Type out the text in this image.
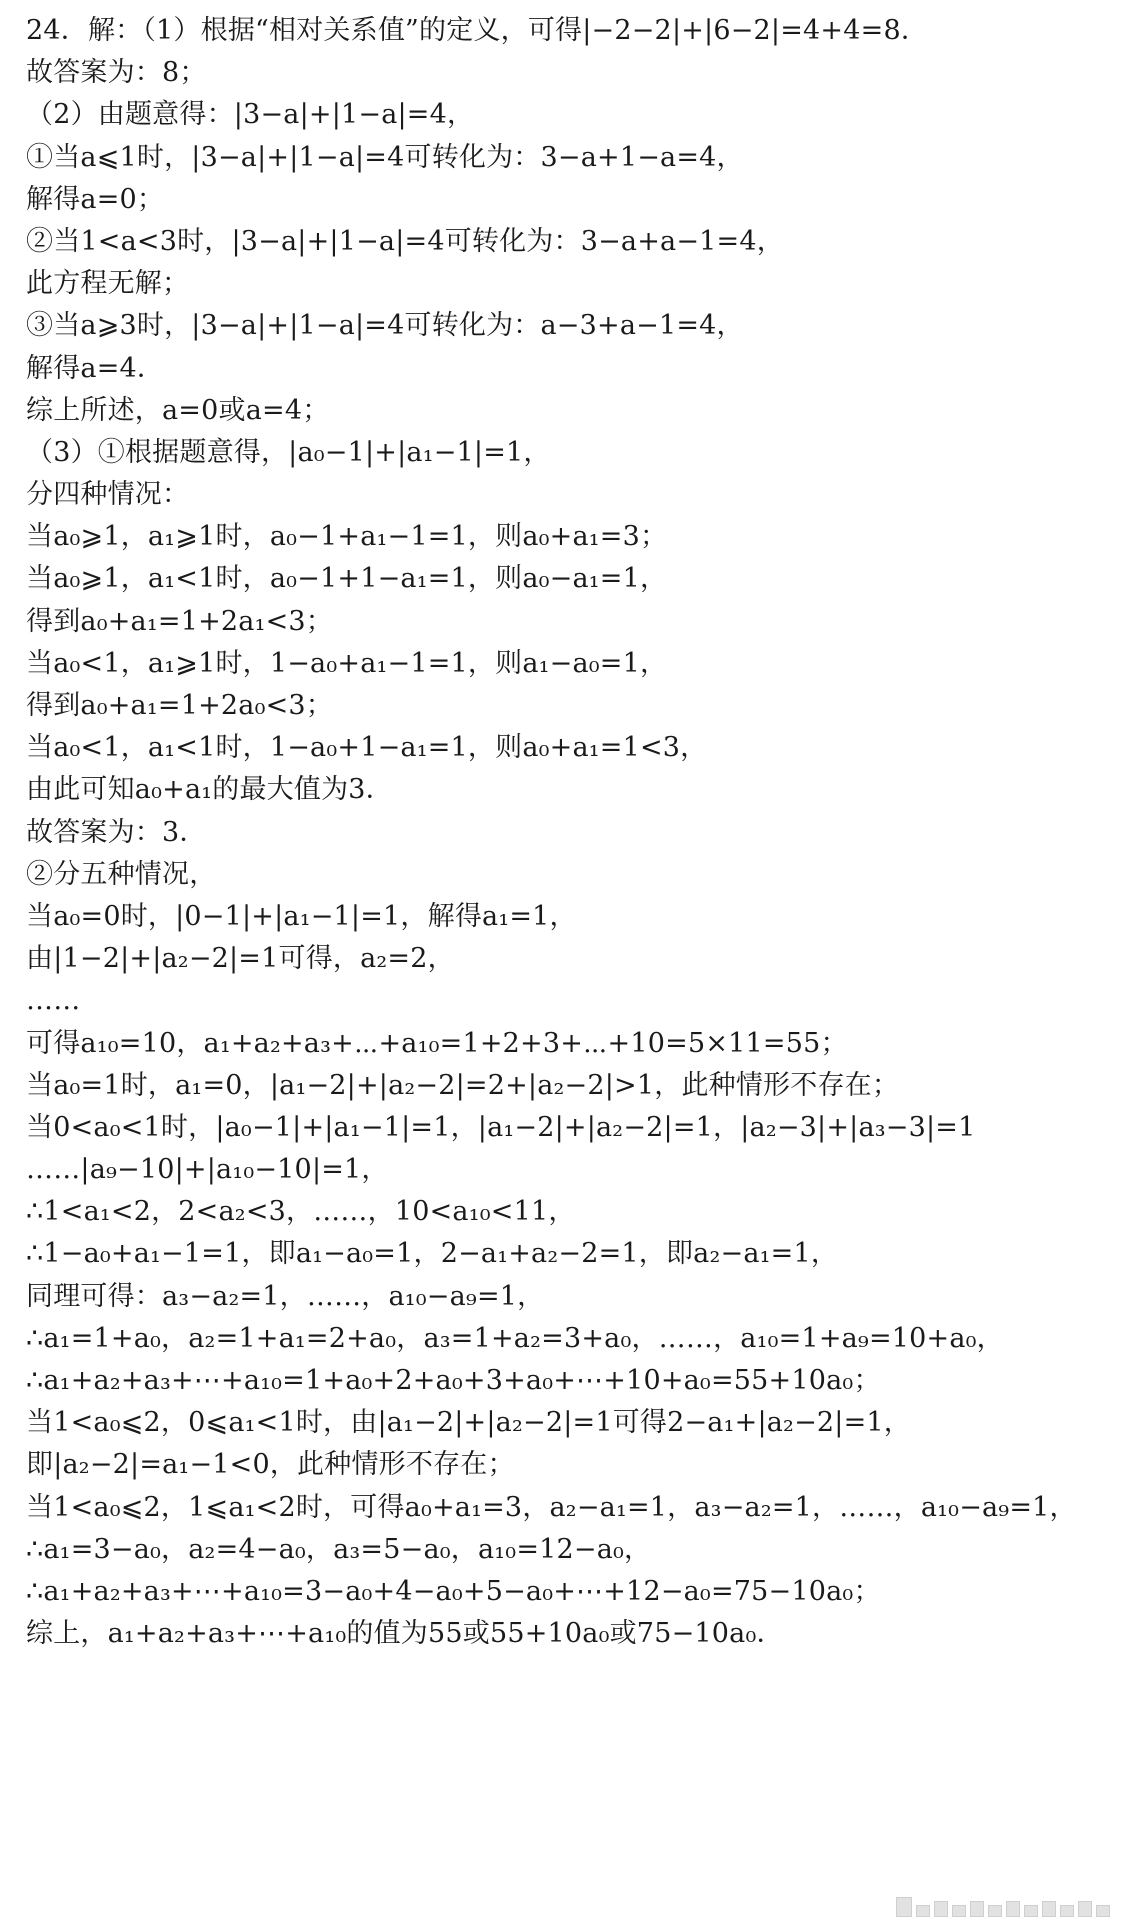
24．解：（1）根据“相对关系值”的定义，可得|−2−2|+|6−2|=4+4=8．
故答案为：8；
（2）由题意得：|3−a|+|1−a|=4，
①当a⩽1时，|3−a|+|1−a|=4可转化为：3−a+1−a=4，
解得a=0；
②当1<a<3时，|3−a|+|1−a|=4可转化为：3−a+a−1=4，
此方程无解；
③当a⩾3时，|3−a|+|1−a|=4可转化为：a−3+a−1=4，
解得a=4．
综上所述，a=0或a=4；
（3）①根据题意得，|a₀−1|+|a₁−1|=1，
分四种情况：
当a₀⩾1，a₁⩾1时，a₀−1+a₁−1=1，则a₀+a₁=3；
当a₀⩾1，a₁<1时，a₀−1+1−a₁=1，则a₀−a₁=1，
得到a₀+a₁=1+2a₁<3；
当a₀<1，a₁⩾1时，1−a₀+a₁−1=1，则a₁−a₀=1，
得到a₀+a₁=1+2a₀<3；
当a₀<1，a₁<1时，1−a₀+1−a₁=1，则a₀+a₁=1<3，
由此可知a₀+a₁的最大值为3．
故答案为：3．
②分五种情况，
当a₀=0时，|0−1|+|a₁−1|=1，解得a₁=1，
由|1−2|+|a₂−2|=1可得，a₂=2，
……
可得a₁₀=10，a₁+a₂+a₃+⋯+a₁₀=1+2+3+⋯+10=5×11=55；
当a₀=1时，a₁=0，|a₁−2|+|a₂−2|=2+|a₂−2|>1，此种情形不存在；
当0<a₀<1时，|a₀−1|+|a₁−1|=1，|a₁−2|+|a₂−2|=1，|a₂−3|+|a₃−3|=1
……|a₉−10|+|a₁₀−10|=1，
∴1<a₁<2，2<a₂<3，……，10<a₁₀<11，
∴1−a₀+a₁−1=1，即a₁−a₀=1，2−a₁+a₂−2=1，即a₂−a₁=1，
同理可得：a₃−a₂=1，……，a₁₀−a₉=1，
∴a₁=1+a₀，a₂=1+a₁=2+a₀，a₃=1+a₂=3+a₀，……，a₁₀=1+a₉=10+a₀，
∴a₁+a₂+a₃+⋯+a₁₀=1+a₀+2+a₀+3+a₀+⋯+10+a₀=55+10a₀；
当1<a₀⩽2，0⩽a₁<1时，由|a₁−2|+|a₂−2|=1可得2−a₁+|a₂−2|=1，
即|a₂−2|=a₁−1<0，此种情形不存在；
当1<a₀⩽2，1⩽a₁<2时，可得a₀+a₁=3，a₂−a₁=1，a₃−a₂=1，……，a₁₀−a₉=1，
∴a₁=3−a₀，a₂=4−a₀，a₃=5−a₀，a₁₀=12−a₀，
∴a₁+a₂+a₃+⋯+a₁₀=3−a₀+4−a₀+5−a₀+⋯+12−a₀=75−10a₀；
综上，a₁+a₂+a₃+⋯+a₁₀的值为55或55+10a₀或75−10a₀．
